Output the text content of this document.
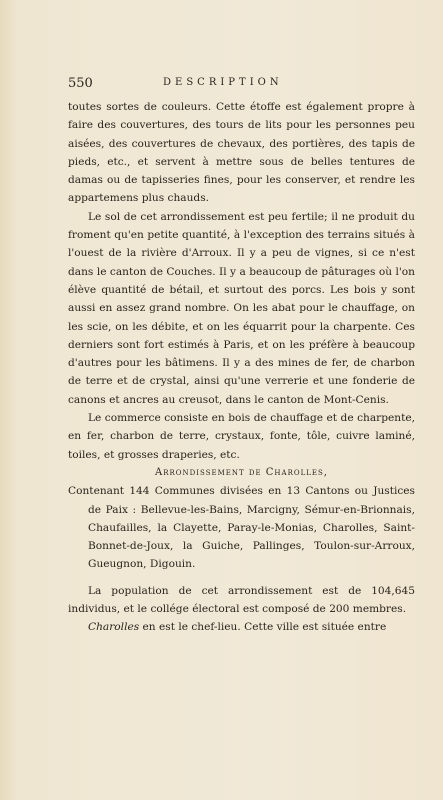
550	DESCRIPTION

toutes sortes de couleurs. Cette étoffe est également propre à faire des couvertures, des tours de lits pour les personnes peu aisées, des couvertures de chevaux, des portières, des tapis de pieds, etc., et servent à mettre sous de belles tentures de damas ou de tapisseries fines, pour les conserver, et rendre les appartemens plus chauds.

Le sol de cet arrondissement est peu fertile; il ne produit du froment qu'en petite quantité, à l'exception des terrains situés à l'ouest de la rivière d'Arroux. Il y a peu de vignes, si ce n'est dans le canton de Couches. Il y a beaucoup de pâturages où l'on élève quantité de bétail, et surtout des porcs. Les bois y sont aussi en assez grand nombre. On les abat pour le chauffage, on les scie, on les débite, et on les équarrit pour la charpente. Ces derniers sont fort estimés à Paris, et on les préfère à beaucoup d'autres pour les bâtimens. Il y a des mines de fer, de charbon de terre et de crystal, ainsi qu'une verrerie et une fonderie de canons et ancres au creusot, dans le canton de Mont-Cenis.

Le commerce consiste en bois de chauffage et de charpente, en fer, charbon de terre, crystaux, fonte, tôle, cuivre laminé, toiles, et grosses draperies, etc.

Arrondissement de Charolles,

Contenant 144 Communes divisées en 13 Cantons ou Justices de Paix : Bellevue-les-Bains, Marcigny, Sémur-en-Brionnais, Chaufailles, la Clayette, Paray-le-Monias, Charolles, Saint-Bonnet-de-Joux, la Guiche, Pallinges, Toulon-sur-Arroux, Gueugnon, Digouin.

La population de cet arrondissement est de 104,645 individus, et le collége électoral est composé de 200 membres.

Charolles en est le chef-lieu. Cette ville est située entre
